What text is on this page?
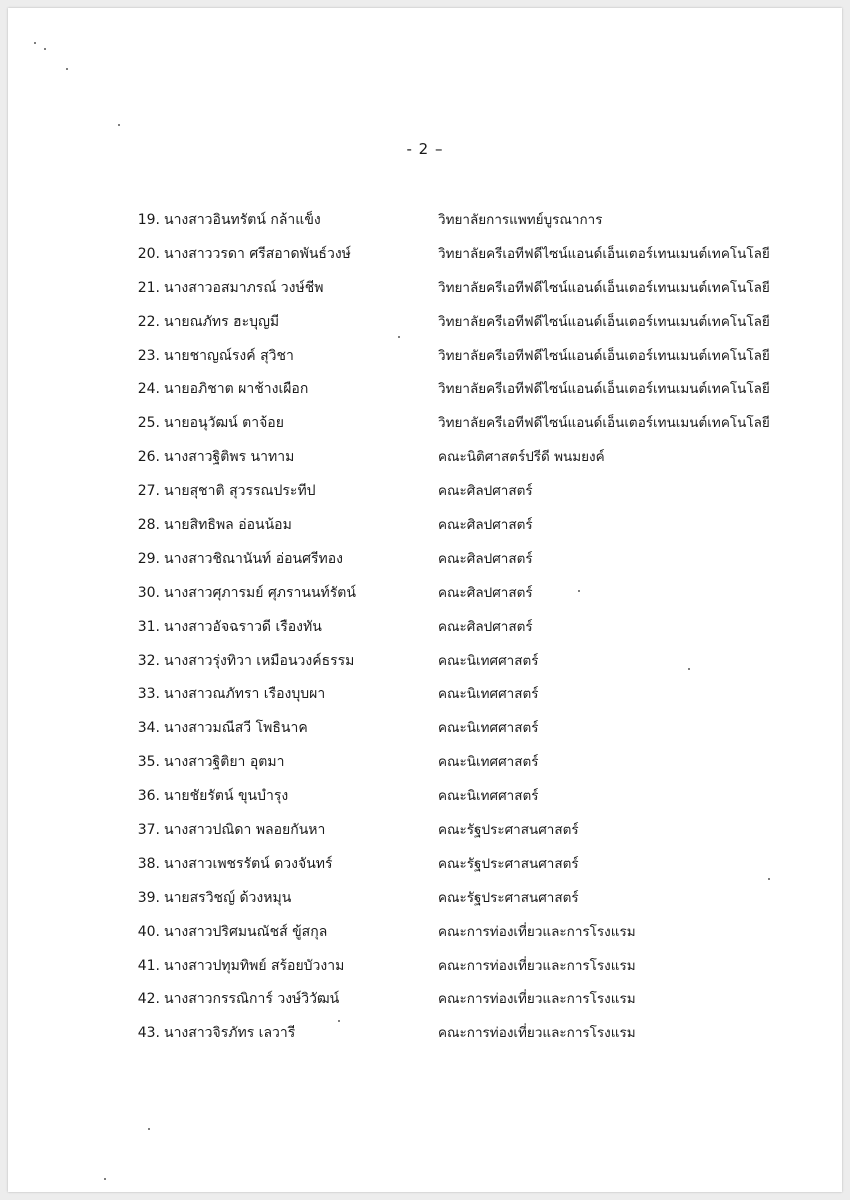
- 2 –
19. นางสาวอินทรัตน์ กล้าแข็ง	วิทยาลัยการแพทย์บูรณาการ
20. นางสาววรดา ศรีสอาดพันธ์วงษ์	วิทยาลัยครีเอทีฟดีไซน์แอนด์เอ็นเตอร์เทนเมนต์เทคโนโลยี
21. นางสาวอสมาภรณ์ วงษ์ชีพ	วิทยาลัยครีเอทีฟดีไซน์แอนด์เอ็นเตอร์เทนเมนต์เทคโนโลยี
22. นายณภัทร ฮะบุญมี	วิทยาลัยครีเอทีฟดีไซน์แอนด์เอ็นเตอร์เทนเมนต์เทคโนโลยี
23. นายชาญณ์รงค์ สุวิชา	วิทยาลัยครีเอทีฟดีไซน์แอนด์เอ็นเตอร์เทนเมนต์เทคโนโลยี
24. นายอภิชาต ผาช้างเผือก	วิทยาลัยครีเอทีฟดีไซน์แอนด์เอ็นเตอร์เทนเมนต์เทคโนโลยี
25. นายอนุวัฒน์ ตาจ้อย	วิทยาลัยครีเอทีฟดีไซน์แอนด์เอ็นเตอร์เทนเมนต์เทคโนโลยี
26. นางสาวฐิติพร นาทาม	คณะนิติศาสตร์ปรีดี พนมยงค์
27. นายสุชาติ สุวรรณประทีป	คณะศิลปศาสตร์
28. นายสิทธิพล อ่อนน้อม	คณะศิลปศาสตร์
29. นางสาวชิณานันท์ อ่อนศรีทอง	คณะศิลปศาสตร์
30. นางสาวศุภารมย์ ศุภรานนท์รัตน์	คณะศิลปศาสตร์
31. นางสาวอัจฉราวดี เรืองทัน	คณะศิลปศาสตร์
32. นางสาวรุ่งทิวา เหมือนวงค์ธรรม	คณะนิเทศศาสตร์
33. นางสาวณภัทรา เรืองบุบผา	คณะนิเทศศาสตร์
34. นางสาวมณีสวี โพธินาค	คณะนิเทศศาสตร์
35. นางสาวฐิติยา อุตมา	คณะนิเทศศาสตร์
36. นายชัยรัตน์ ขุนบำรุง	คณะนิเทศศาสตร์
37. นางสาวปณิดา พลอยกันหา	คณะรัฐประศาสนศาสตร์
38. นางสาวเพชรรัตน์ ดวงจันทร์	คณะรัฐประศาสนศาสตร์
39. นายสรวิชญ์ ด้วงหมุน	คณะรัฐประศาสนศาสตร์
40. นางสาวปริศมนณัชส์ ขู้สกุล	คณะการท่องเที่ยวและการโรงแรม
41. นางสาวปทุมทิพย์ สร้อยบัวงาม	คณะการท่องเที่ยวและการโรงแรม
42. นางสาวกรรณิการ์ วงษ์วิวัฒน์	คณะการท่องเที่ยวและการโรงแรม
43. นางสาวจิรภัทร เลวารี	คณะการท่องเที่ยวและการโรงแรม
